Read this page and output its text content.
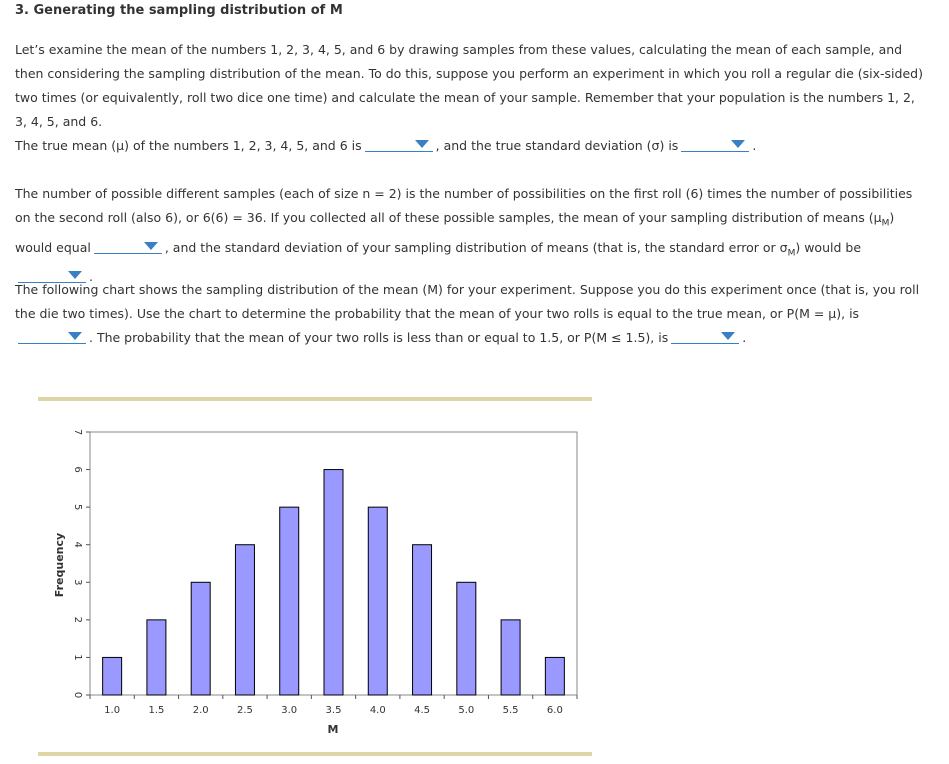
3. Generating the sampling distribution of M
Let’s examine the mean of the numbers 1, 2, 3, 4, 5, and 6 by drawing samples from these values, calculating the mean of each sample, and then considering the sampling distribution of the mean. To do this, suppose you perform an experiment in which you roll a regular die (six-sided) two times (or equivalently, roll two dice one time) and calculate the mean of your sample. Remember that your population is the numbers 1, 2, 3, 4, 5, and 6.
The true mean (μ) of the numbers 1, 2, 3, 4, 5, and 6 is	, and the true standard deviation (σ) is	.
The number of possible different samples (each of size n = 2) is the number of possibilities on the first roll (6) times the number of possibilities on the second roll (also 6), or 6(6) = 36. If you collected all of these possible samples, the mean of your sampling distribution of means $(\mu_M)$ would equal	, and the standard deviation of your sampling distribution of means (that is, the standard error or $\sigma_M$) would be
.
The following chart shows the sampling distribution of the mean (M) for your experiment. Suppose you do this experiment once (that is, you roll the die two times). Use the chart to determine the probability that the mean of your two rolls is equal to the true mean, or P(M = μ), is
. The probability that the mean of your two rolls is less than or equal to 1.5, or P(M ≤ 1.5), is	.
0
1
2
3
4
5
6
7
1.0	1.5	2.0	2.5	3.0	3.5	4.0	4.5	5.0	5.5	6.0
Frequency
M
